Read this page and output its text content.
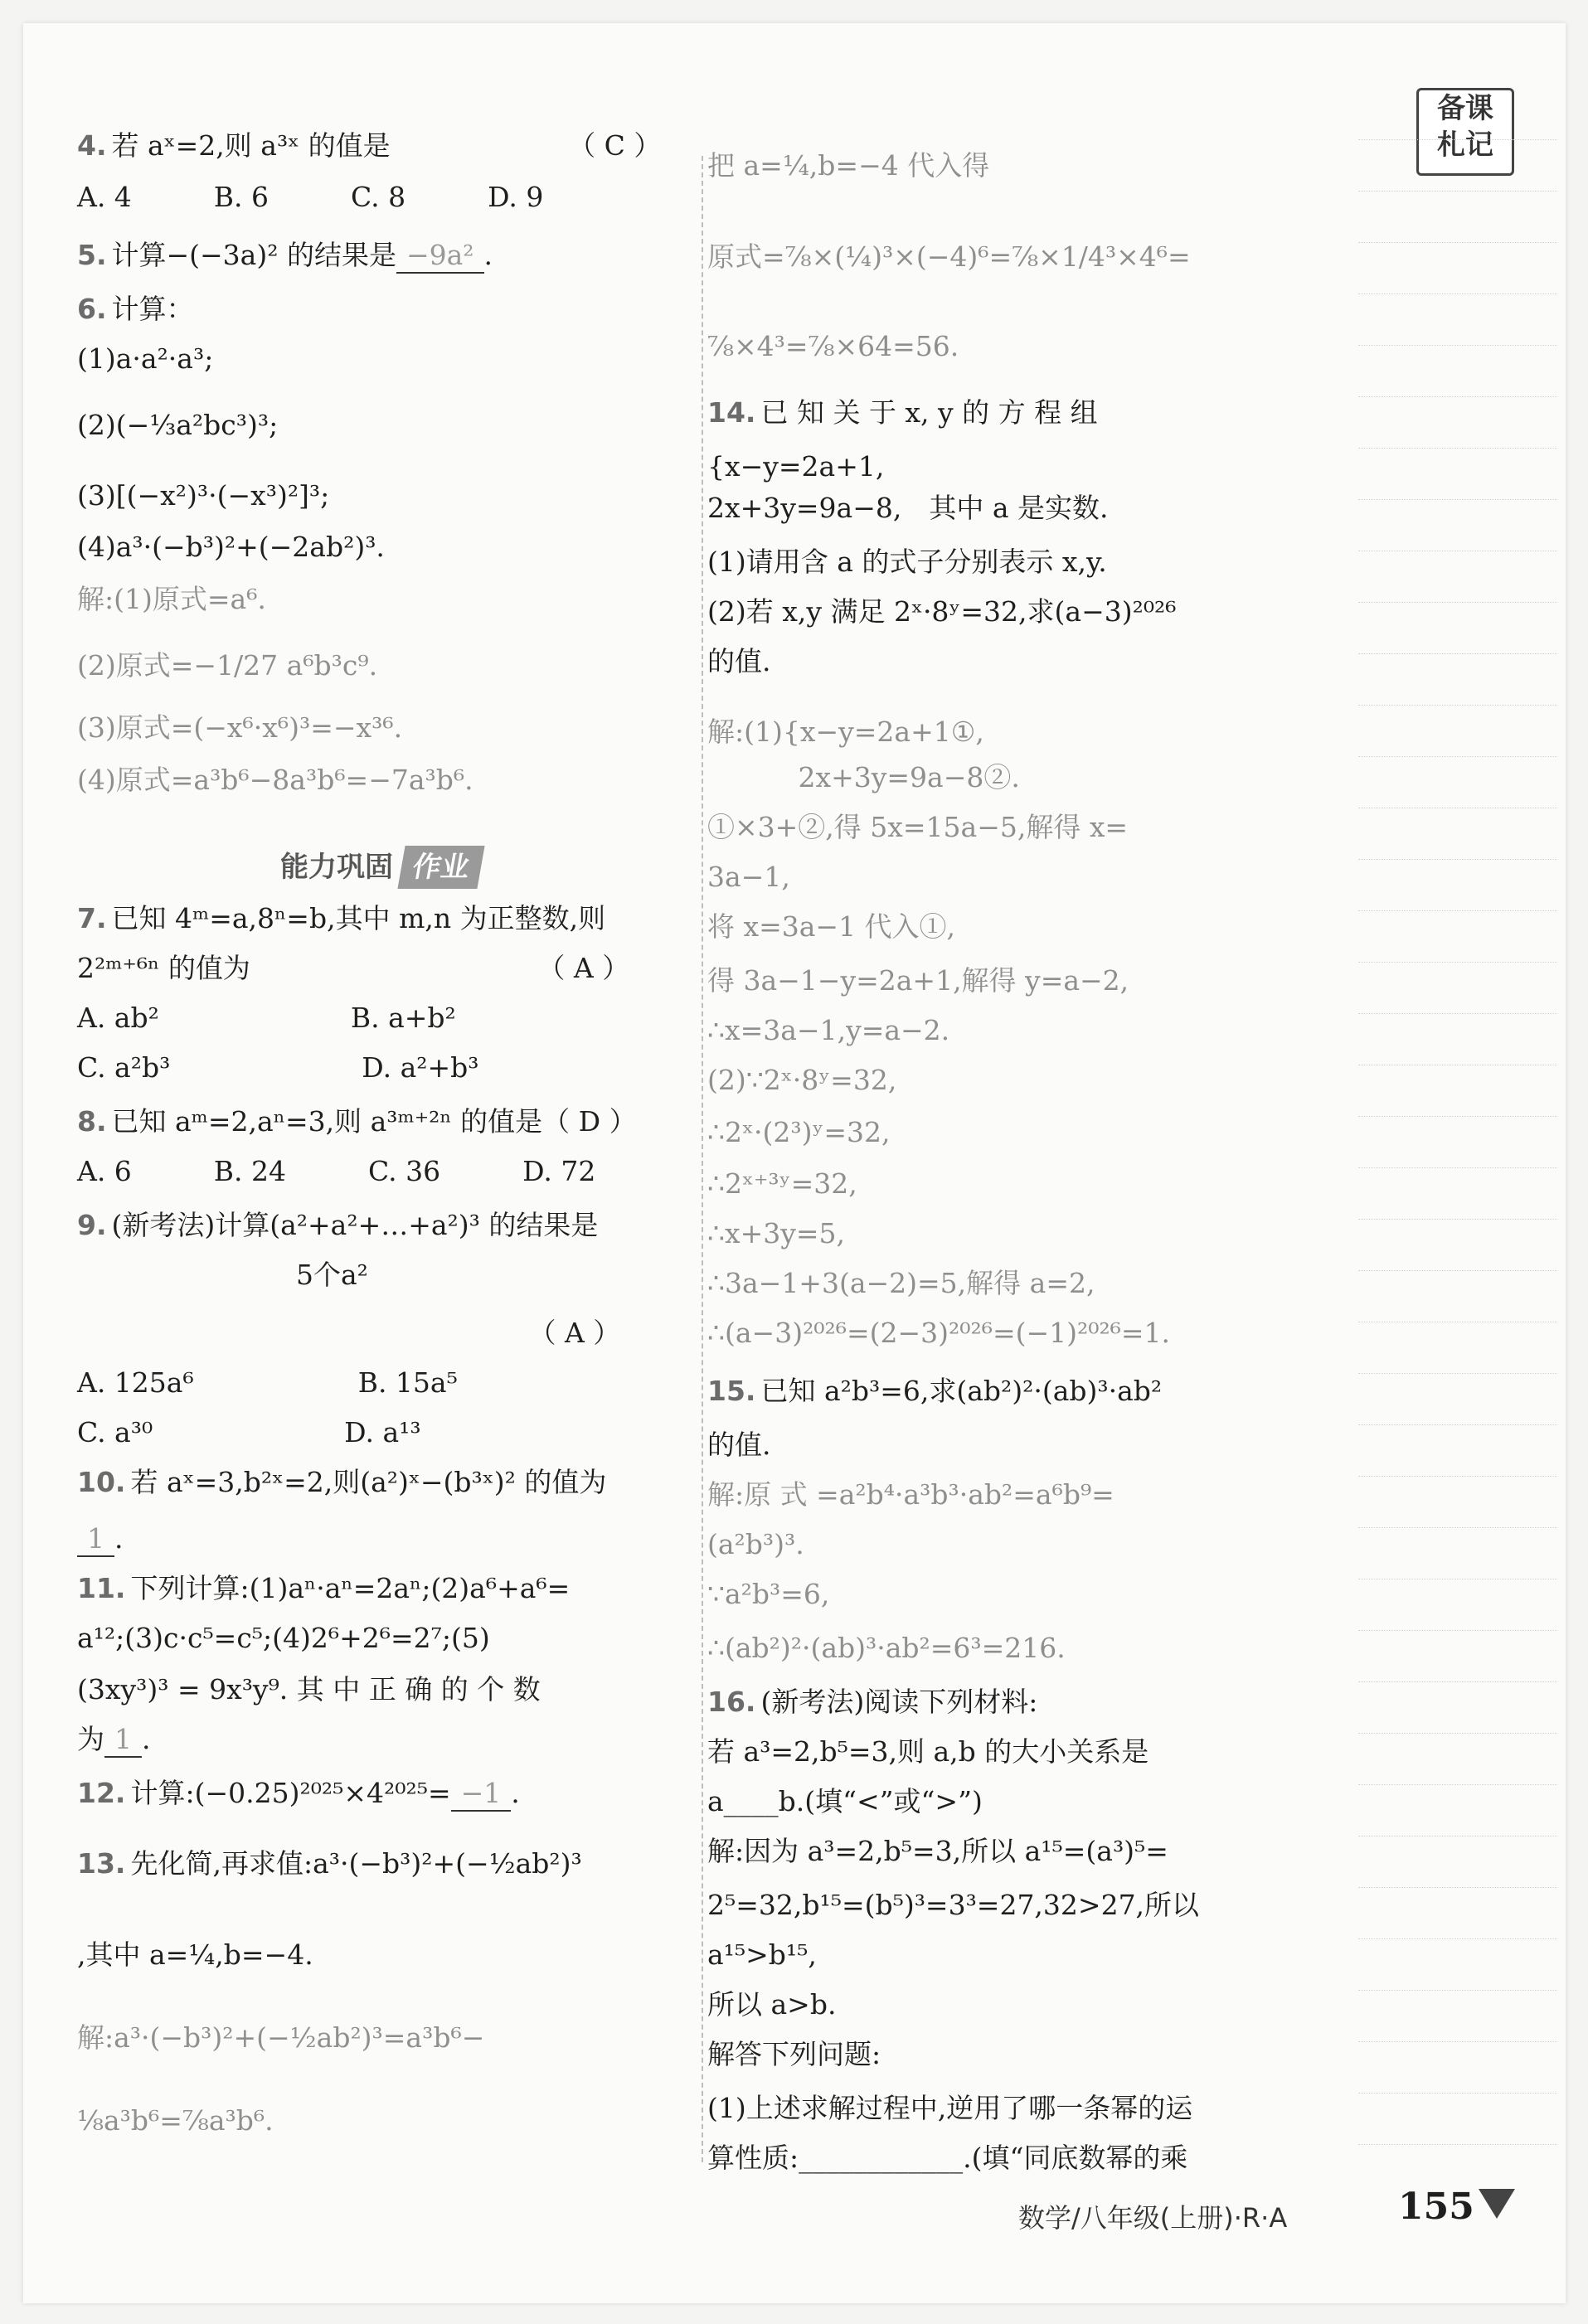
备课
札记
能力巩固 作业
4. 若 aˣ=2,则 a³ˣ 的值是　　　　　　　（ C ）
A. 4　　　B. 6　　　C. 8　　　D. 9
5. 计算−(−3a)² 的结果是 −9a² .
6. 计算：
(1)a·a²·a³;
(2)(−⅓a²bc³)³;
(3)[(−x²)³·(−x³)²]³;
(4)a³·(−b³)²+(−2ab²)³.
解:(1)原式=a⁶.
(2)原式=−1/27 a⁶b³c⁹.
(3)原式=(−x⁶·x⁶)³=−x³⁶.
(4)原式=a³b⁶−8a³b⁶=−7a³b⁶.
7. 已知 4ᵐ=a,8ⁿ=b,其中 m,n 为正整数,则
2²ᵐ⁺⁶ⁿ 的值为　　　　　　　　　　　（ A ）
A. ab²　　　　　　　B. a+b²
C. a²b³　　　　　　　D. a²+b³
8. 已知 aᵐ=2,aⁿ=3,则 a³ᵐ⁺²ⁿ 的值是（ D ）
A. 6　　　B. 24　　　C. 36　　　D. 72
9. (新考法)计算(a²+a²+…+a²)³ 的结果是
　　　　　　　　5个a²
　　　　　　　　　　　　　　　　　（ A ）
A. 125a⁶　　　　　　B. 15a⁵
C. a³⁰　　　　　　　D. a¹³
10. 若 aˣ=3,b²ˣ=2,则(a²)ˣ−(b³ˣ)² 的值为
1 .
11. 下列计算:(1)aⁿ·aⁿ=2aⁿ;(2)a⁶+a⁶=
a¹²;(3)c·c⁵=c⁵;(4)2⁶+2⁶=2⁷;(5)
(3xy³)³ = 9x³y⁹. 其 中 正 确 的 个 数
为 1 .
12. 计算:(−0.25)²⁰²⁵×4²⁰²⁵= −1 .
13. 先化简,再求值:a³·(−b³)²+(−½ab²)³
,其中 a=¼,b=−4.
解:a³·(−b³)²+(−½ab²)³=a³b⁶−
⅛a³b⁶=⅞a³b⁶.
把 a=¼,b=−4 代入得
原式=⅞×(¼)³×(−4)⁶=⅞×1/4³×4⁶=
⅞×4³=⅞×64=56.
14. 已 知 关 于 x, y 的 方 程 组
{x−y=2a+1,
2x+3y=9a−8,　其中 a 是实数.
(1)请用含 a 的式子分别表示 x,y.
(2)若 x,y 满足 2ˣ·8ʸ=32,求(a−3)²⁰²⁶
的值.
解:(1){x−y=2a+1①,
　　　 2x+3y=9a−8②.
①×3+②,得 5x=15a−5,解得 x=
3a−1,
将 x=3a−1 代入①,
得 3a−1−y=2a+1,解得 y=a−2,
∴x=3a−1,y=a−2.
(2)∵2ˣ·8ʸ=32,
∴2ˣ·(2³)ʸ=32,
∴2ˣ⁺³ʸ=32,
∴x+3y=5,
∴3a−1+3(a−2)=5,解得 a=2,
∴(a−3)²⁰²⁶=(2−3)²⁰²⁶=(−1)²⁰²⁶=1.
15. 已知 a²b³=6,求(ab²)²·(ab)³·ab²
的值.
解:原 式 =a²b⁴·a³b³·ab²=a⁶b⁹=
(a²b³)³.
∵a²b³=6,
∴(ab²)²·(ab)³·ab²=6³=216.
16. (新考法)阅读下列材料:
若 a³=2,b⁵=3,则 a,b 的大小关系是
a____b.(填“<”或“>”)
解:因为 a³=2,b⁵=3,所以 a¹⁵=(a³)⁵=
2⁵=32,b¹⁵=(b⁵)³=3³=27,32>27,所以
a¹⁵>b¹⁵,
所以 a>b.
解答下列问题:
(1)上述求解过程中,逆用了哪一条幂的运
算性质:____________.(填“同底数幂的乘
数学/八年级(上册)·R·A	155
